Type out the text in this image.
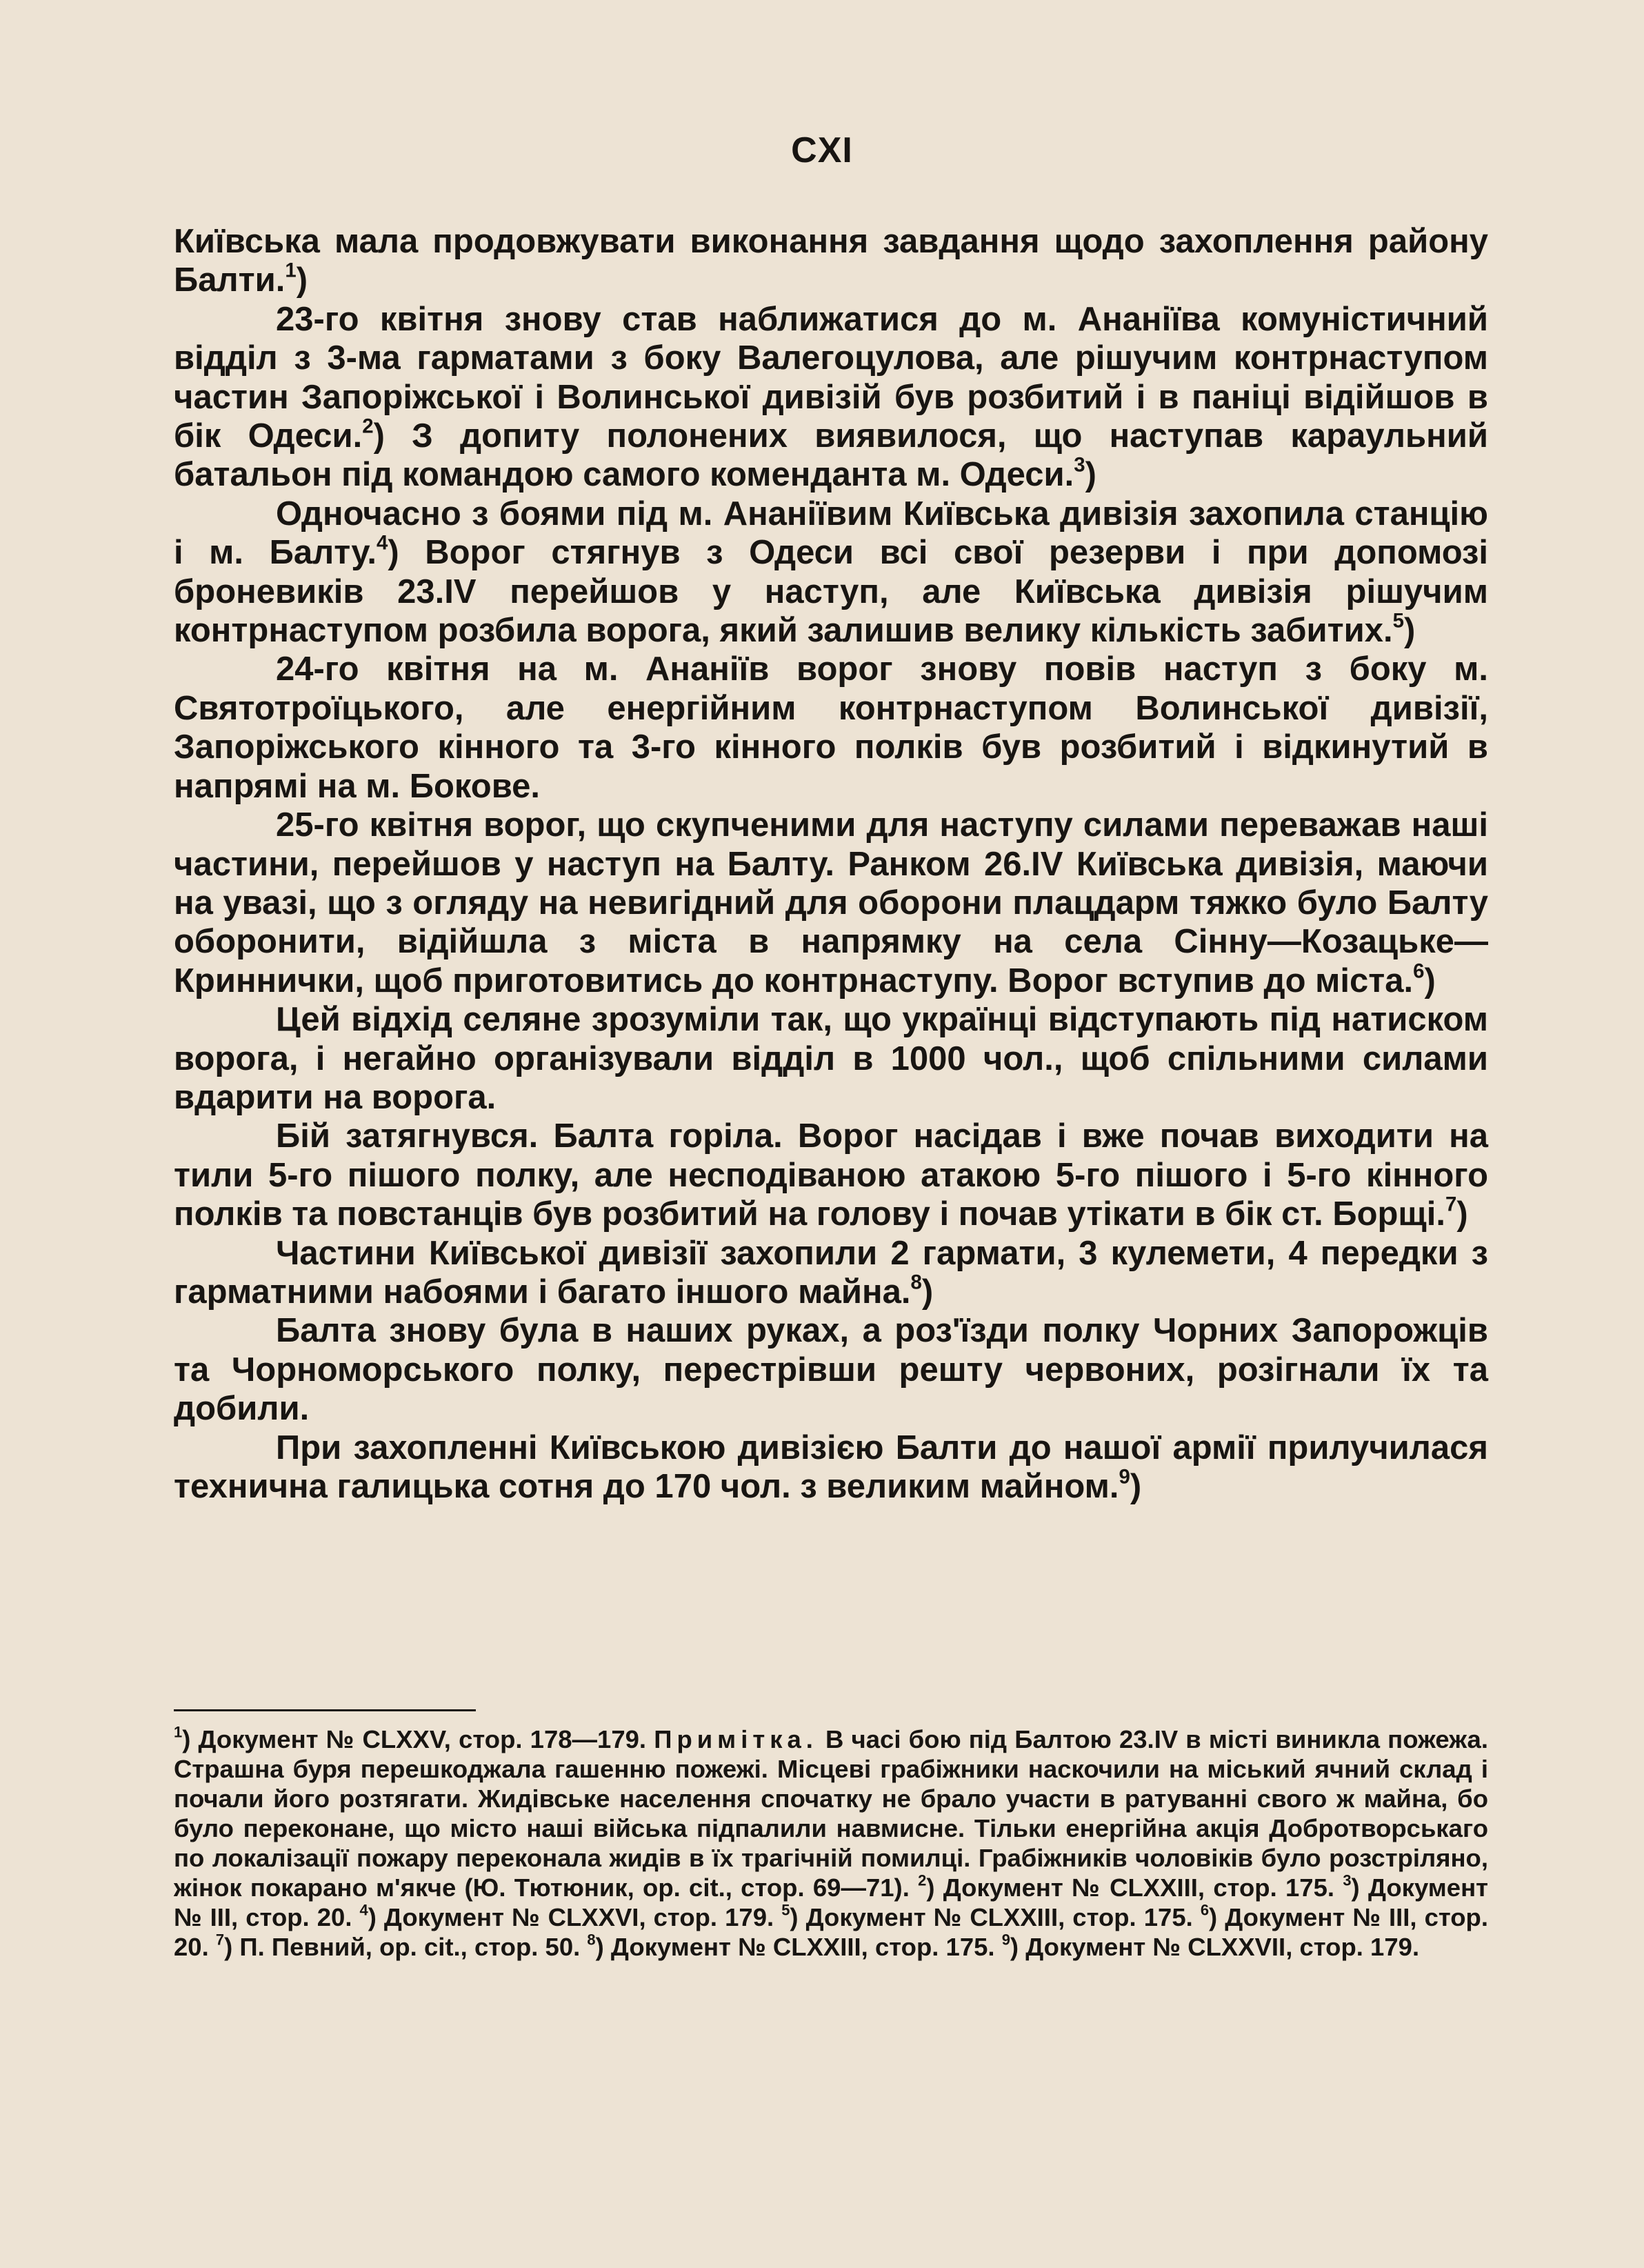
CXI

Київська мала продовжувати виконання завдання щодо захоплення району Балти.$^1$)

23-го квітня знову став наближатися до м. Ананіїва комуністичний відділ з 3-ма гарматами з боку Валегоцулова, але рішучим контрнаступом частин Запоріжської і Волинської дивізій був розбитий і в паніці відійшов в бік Одеси.$^2$) З допиту полонених виявилося, що наступав караульний батальон під командою самого коменданта м. Одеси.$^3$)

Одночасно з боями під м. Ананіївим Київська дивізія захопила станцію і м. Балту.$^4$) Ворог стягнув з Одеси всі свої резерви і при допомозі броневиків 23.IV перейшов у наступ, але Київська дивізія рішучим контрнаступом розбила ворога, який залишив велику кількість забитих.$^5$)

24-го квітня на м. Ананіїв ворог знову повів наступ з боку м. Святотроїцького, але енергійним контрнаступом Волинської дивізії, Запоріжського кінного та 3-го кінного полків був розбитий і відкинутий в напрямі на м. Бокове.

25-го квітня ворог, що скупченими для наступу силами переважав наші частини, перейшов у наступ на Балту. Ранком 26.IV Київська дивізія, маючи на увазі, що з огляду на невигідний для оборони плацдарм тяжко було Балту оборонити, відійшла з міста в напрямку на села Сінну—Козацьке—Криннички, щоб приготовитись до контрнаступу. Ворог вступив до міста.$^6$)

Цей відхід селяне зрозуміли так, що українці відступають під натиском ворога, і негайно організували відділ в 1000 чол., щоб спільними силами вдарити на ворога.

Бій затягнувся. Балта горіла. Ворог насідав і вже почав виходити на тили 5-го пішого полку, але несподіваною атакою 5-го пішого і 5-го кінного полків та повстанців був розбитий на голову і почав утікати в бік ст. Борщі.$^7$)

Частини Київської дивізії захопили 2 гармати, 3 кулемети, 4 передки з гарматними набоями і багато іншого майна.$^8$)

Балта знову була в наших руках, а роз'їзди полку Чорних Запорожців та Чорноморського полку, перестрівши решту червоних, розігнали їх та добили.

При захопленні Київською дивізією Балти до нашої армії прилучилася технична галицька сотня до 170 чол. з великим майном.$^9$)

$^1$) Документ № CLXXV, стор. 178—179. Примітка. В часі бою під Балтою 23.IV в місті виникла пожежа. Страшна буря перешкоджала гашенню пожежі. Місцеві грабіжники наскочили на міський ячний склад і почали його розтягати. Жидівське населення спочатку не брало участи в ратуванні свого ж майна, бо було переконане, що місто наші війська підпалили навмисне. Тільки енергійна акція Добротворськаго по локалізації пожару переконала жидів в їх трагічній помилці. Грабіжників чоловіків було розстріляно, жінок покарано м'якче (Ю. Тютюник, ор. cit., стор. 69—71). $^2$) Документ № CLXXIII, стор. 175. $^3$) Документ № III, стор. 20. $^4$) Документ № CLXXVI, стор. 179. $^5$) Документ № CLXXIII, стор. 175. $^6$) Документ № III, стор. 20. $^7$) П. Певний, ор. cit., стор. 50. $^8$) Документ № CLXXIII, стор. 175. $^9$) Документ № CLXXVII, стор. 179.
